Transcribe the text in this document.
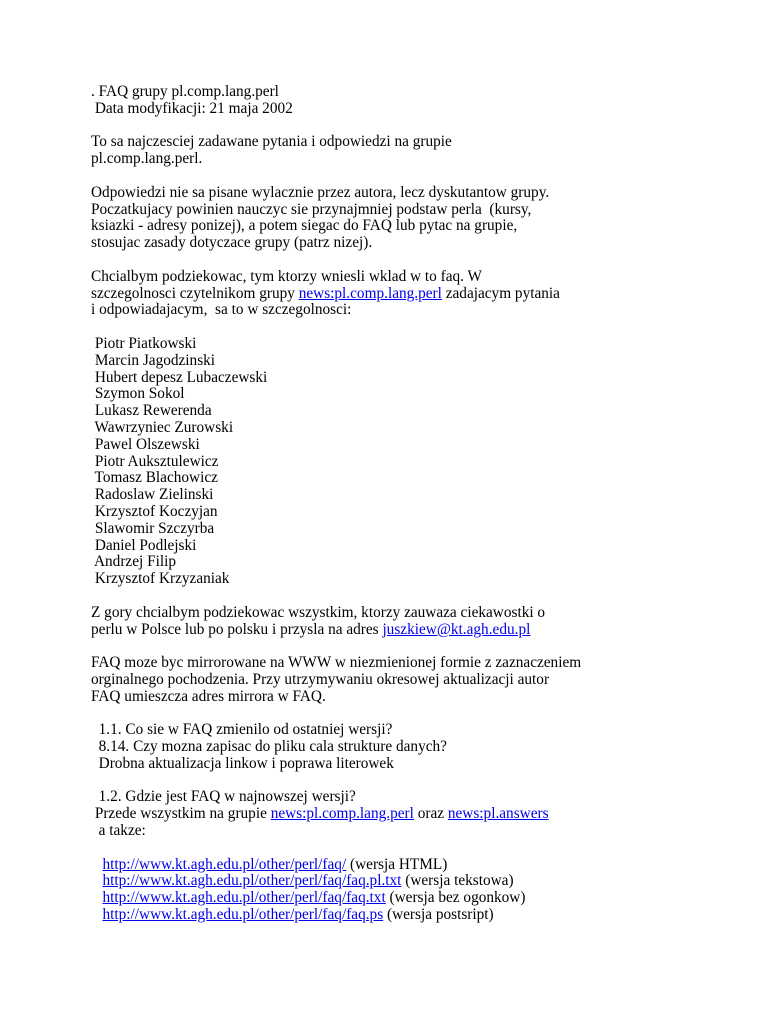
. FAQ grupy pl.comp.lang.perl
Data modyfikacji: 21 maja 2002
To sa najczesciej zadawane pytania i odpowiedzi na grupie
pl.comp.lang.perl.
Odpowiedzi nie sa pisane wylacznie przez autora, lecz dyskutantow grupy.
Poczatkujacy powinien nauczyc sie przynajmniej podstaw perla  (kursy,
ksiazki - adresy ponizej), a potem siegac do FAQ lub pytac na grupie,
stosujac zasady dotyczace grupy (patrz nizej).
Chcialbym podziekowac, tym ktorzy wniesli wklad w to faq. W
szczegolnosci czytelnikom grupy news:pl.comp.lang.perl zadajacym pytania
i odpowiadajacym,  sa to w szczegolnosci:
Piotr Piatkowski
Marcin Jagodzinski
Hubert depesz Lubaczewski
Szymon Sokol
Lukasz Rewerenda
Wawrzyniec Zurowski
Pawel Olszewski
Piotr Auksztulewicz
Tomasz Blachowicz
Radoslaw Zielinski
Krzysztof Koczyjan
Slawomir Szczyrba
Daniel Podlejski
Andrzej Filip
Krzysztof Krzyzaniak
Z gory chcialbym podziekowac wszystkim, ktorzy zauwaza ciekawostki o
perlu w Polsce lub po polsku i przysla na adres juszkiew@kt.agh.edu.pl
FAQ moze byc mirrorowane na WWW w niezmienionej formie z zaznaczeniem
orginalnego pochodzenia. Przy utrzymywaniu okresowej aktualizacji autor
FAQ umieszcza adres mirrora w FAQ.
1.1. Co sie w FAQ zmienilo od ostatniej wersji?
8.14. Czy mozna zapisac do pliku cala strukture danych?
Drobna aktualizacja linkow i poprawa literowek
1.2. Gdzie jest FAQ w najnowszej wersji?
Przede wszystkim na grupie news:pl.comp.lang.perl oraz news:pl.answers
a takze:
http://www.kt.agh.edu.pl/other/perl/faq/ (wersja HTML)
http://www.kt.agh.edu.pl/other/perl/faq/faq.pl.txt (wersja tekstowa)
http://www.kt.agh.edu.pl/other/perl/faq/faq.txt (wersja bez ogonkow)
http://www.kt.agh.edu.pl/other/perl/faq/faq.ps (wersja postsript)
